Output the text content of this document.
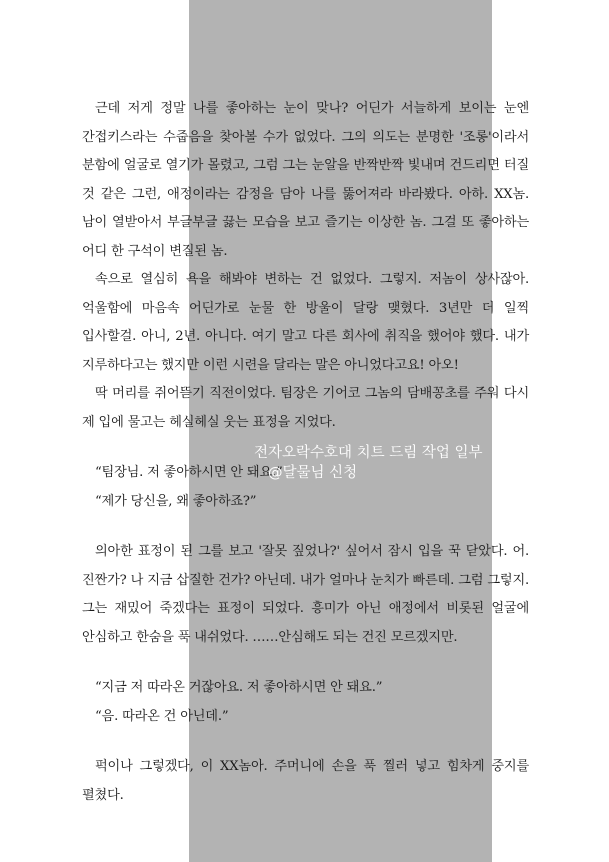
근데 저게 정말 나를 좋아하는 눈이 맞나? 어딘가 서늘하게 보이는 눈엔 간접키스라는 수줍음을 찾아볼 수가 없었다. 그의 의도는 분명한 '조롱'이라서 분함에 얼굴로 열기가 몰렸고, 그럼 그는 눈알을 반짝반짝 빛내며 건드리면 터질 것 같은 그런, 애정이라는 감정을 담아 나를 뚫어져라 바라봤다. 아하. XX놈. 남이 열받아서 부글부글 끓는 모습을 보고 즐기는 이상한 놈. 그걸 또 좋아하는 어디 한 구석이 변질된 놈.

속으로 열심히 욕을 해봐야 변하는 건 없었다. 그렇지. 저놈이 상사잖아. 억울함에 마음속 어딘가로 눈물 한 방울이 달랑 맺혔다. 3년만 더 일찍 입사할걸. 아니, 2년. 아니다. 여기 말고 다른 회사에 취직을 했어야 했다. 내가 지루하다고는 했지만 이런 시련을 달라는 말은 아니었다고요! 아오!

딱 머리를 쥐어뜯기 직전이었다. 팀장은 기어코 그놈의 담배꽁초를 주워 다시 제 입에 물고는 헤실헤실 웃는 표정을 지었다.

“팀장님. 저 좋아하시면 안 돼요.”

“제가 당신을, 왜 좋아하죠?”

의아한 표정이 된 그를 보고 '잘못 짚었나?' 싶어서 잠시 입을 꾹 닫았다. 어. 진짠가? 나 지금 삽질한 건가? 아닌데. 내가 얼마나 눈치가 빠른데. 그럼 그렇지. 그는 재밌어 죽겠다는 표정이 되었다. 흥미가 아닌 애정에서 비롯된 얼굴에 안심하고 한숨을 푹 내쉬었다. ……안심해도 되는 건진 모르겠지만.

“지금 저 따라온 거잖아요. 저 좋아하시면 안 돼요.”

“음. 따라온 건 아닌데.”

퍽이나 그렇겠다, 이 XX놈아. 주머니에 손을 푹 찔러 넣고 힘차게 중지를 펼쳤다.

전자오락수호대 치트 드림 작업 일부
@달물님 신청
